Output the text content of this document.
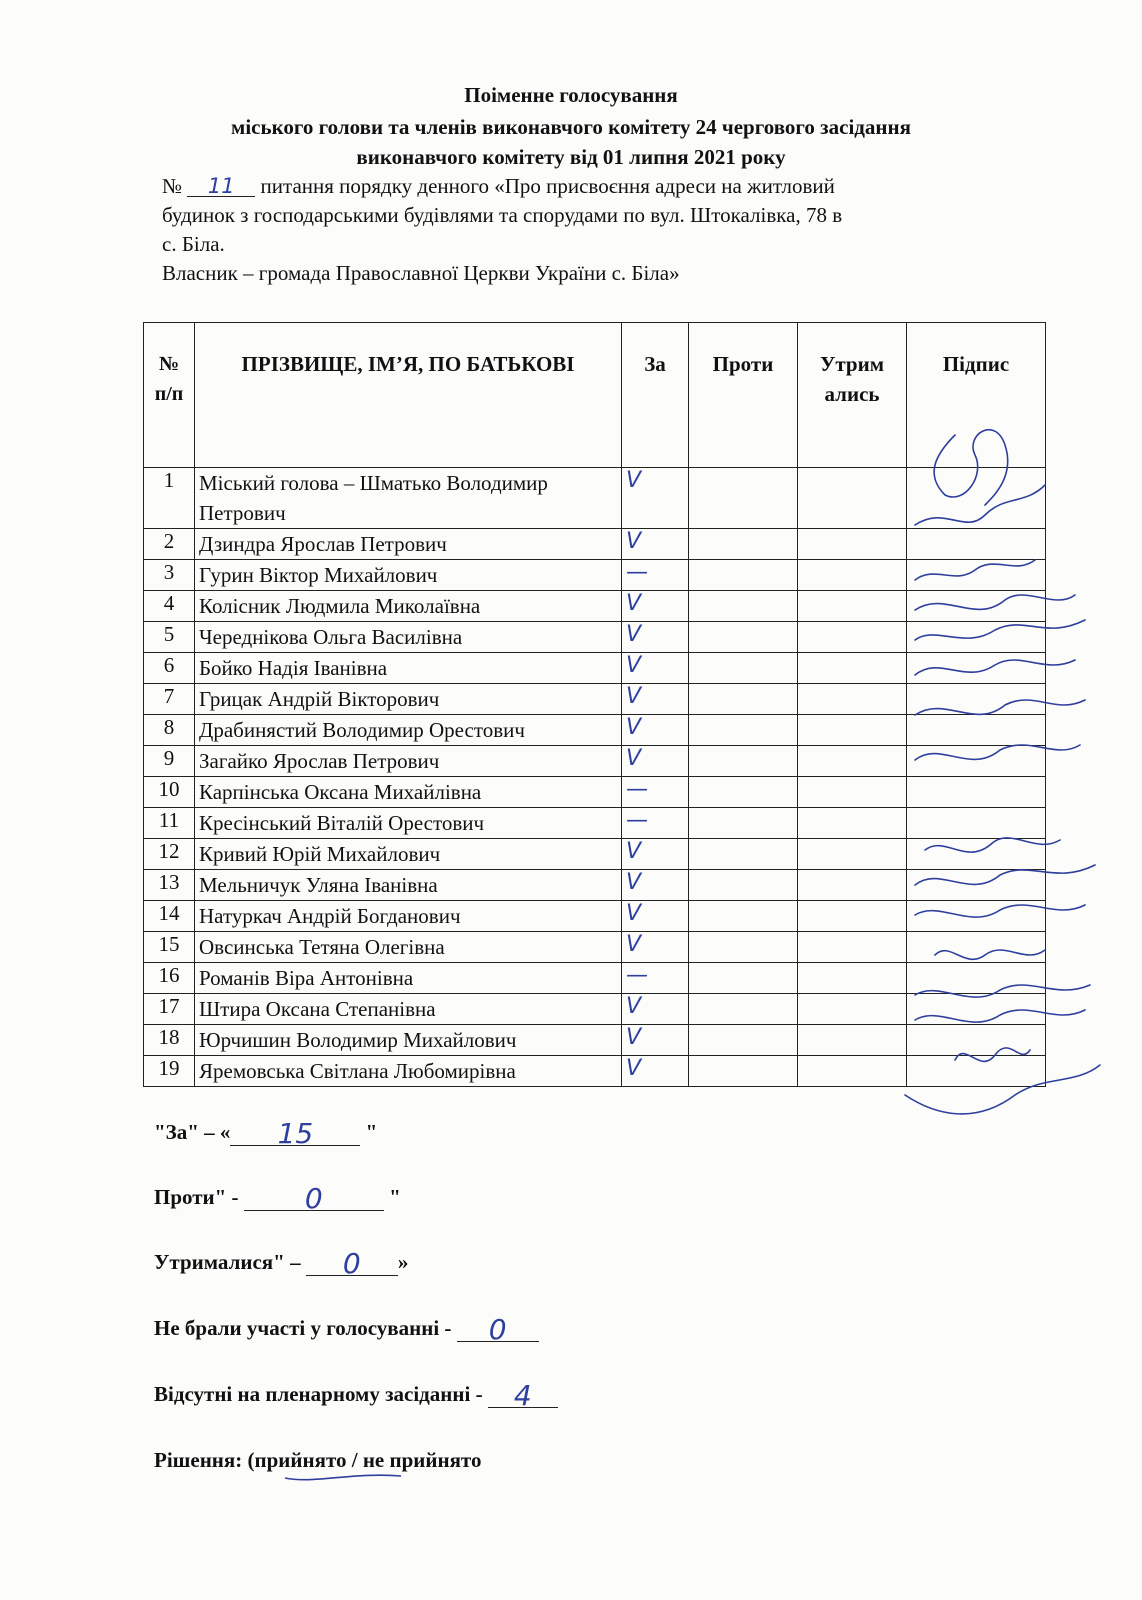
Поіменне голосування
міського голови та членів виконавчого комітету 24 чергового засідання
виконавчого комітету від 01 липня 2021 року
№ 11 питання порядку денного «Про присвоєння адреси на житловий
будинок з господарськими будівлями та спорудами по вул. Штокалівка, 78 в
с. Біла.
Власник – громада Православної Церкви України с. Біла»
№ п/п	ПРІЗВИЩЕ, ІМ’Я, ПО БАТЬКОВІ	За	Проти	Утрим ались	Підпис
1	Міський голова – Шматько Володимир Петрович	V			
2	Дзиндра Ярослав Петрович	V			
3	Гурин Віктор Михайлович	—			
4	Колісник Людмила Миколаївна	V			
5	Череднікова Ольга Василівна	V			
6	Бойко Надія Іванівна	V			
7	Грицак Андрій Вікторович	V			
8	Драбинястий Володимир Орестович	V			
9	Загайко Ярослав Петрович	V			
10	Карпінська Оксана Михайлівна	—			
11	Кресінський Віталій Орестович	—			
12	Кривий Юрій Михайлович	V			
13	Мельничук Уляна Іванівна	V			
14	Натуркач Андрій Богданович	V			
15	Овсинська Тетяна Олегівна	V			
16	Романів Віра Антонівна	—			
17	Штира Оксана Степанівна	V			
18	Юрчишин Володимир Михайлович	V			
19	Яремовська Світлана Любомирівна	V			
"За" – « 15 "
Проти" - 0	"
Утрималися" – 0 »
Не брали участі у голосуванні - 0
Відсутні на пленарному засіданні - 4
Рішення: (прийнято / не прийнято
